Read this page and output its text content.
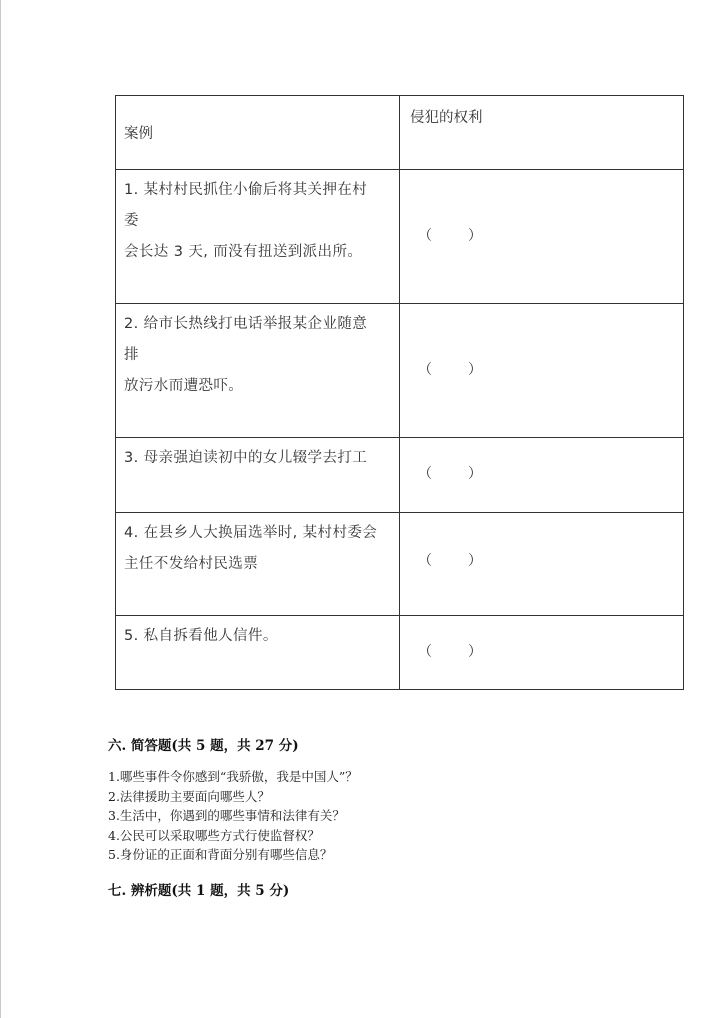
案例	侵犯的权利

1. 某村村民抓住小偷后将其关押在村
委
会长达 3 天, 而没有扭送到派出所。	（ ）

2. 给市长热线打电话举报某企业随意
排
放污水而遭恐吓。	（ ）

3. 母亲强迫读初中的女儿辍学去打工	（ ）

4. 在县乡人大换届选举时, 某村村委会
主任不发给村民选票	（ ）

5. 私自拆看他人信件。	（ ）
六. 简答题(共 5 题，共 27 分)
1.哪些事件令你感到“我骄傲，我是中国人”？
2.法律援助主要面向哪些人？
3.生活中，你遇到的哪些事情和法律有关？
4.公民可以采取哪些方式行使监督权？
5.身份证的正面和背面分别有哪些信息？
七. 辨析题(共 1 题，共 5 分)
